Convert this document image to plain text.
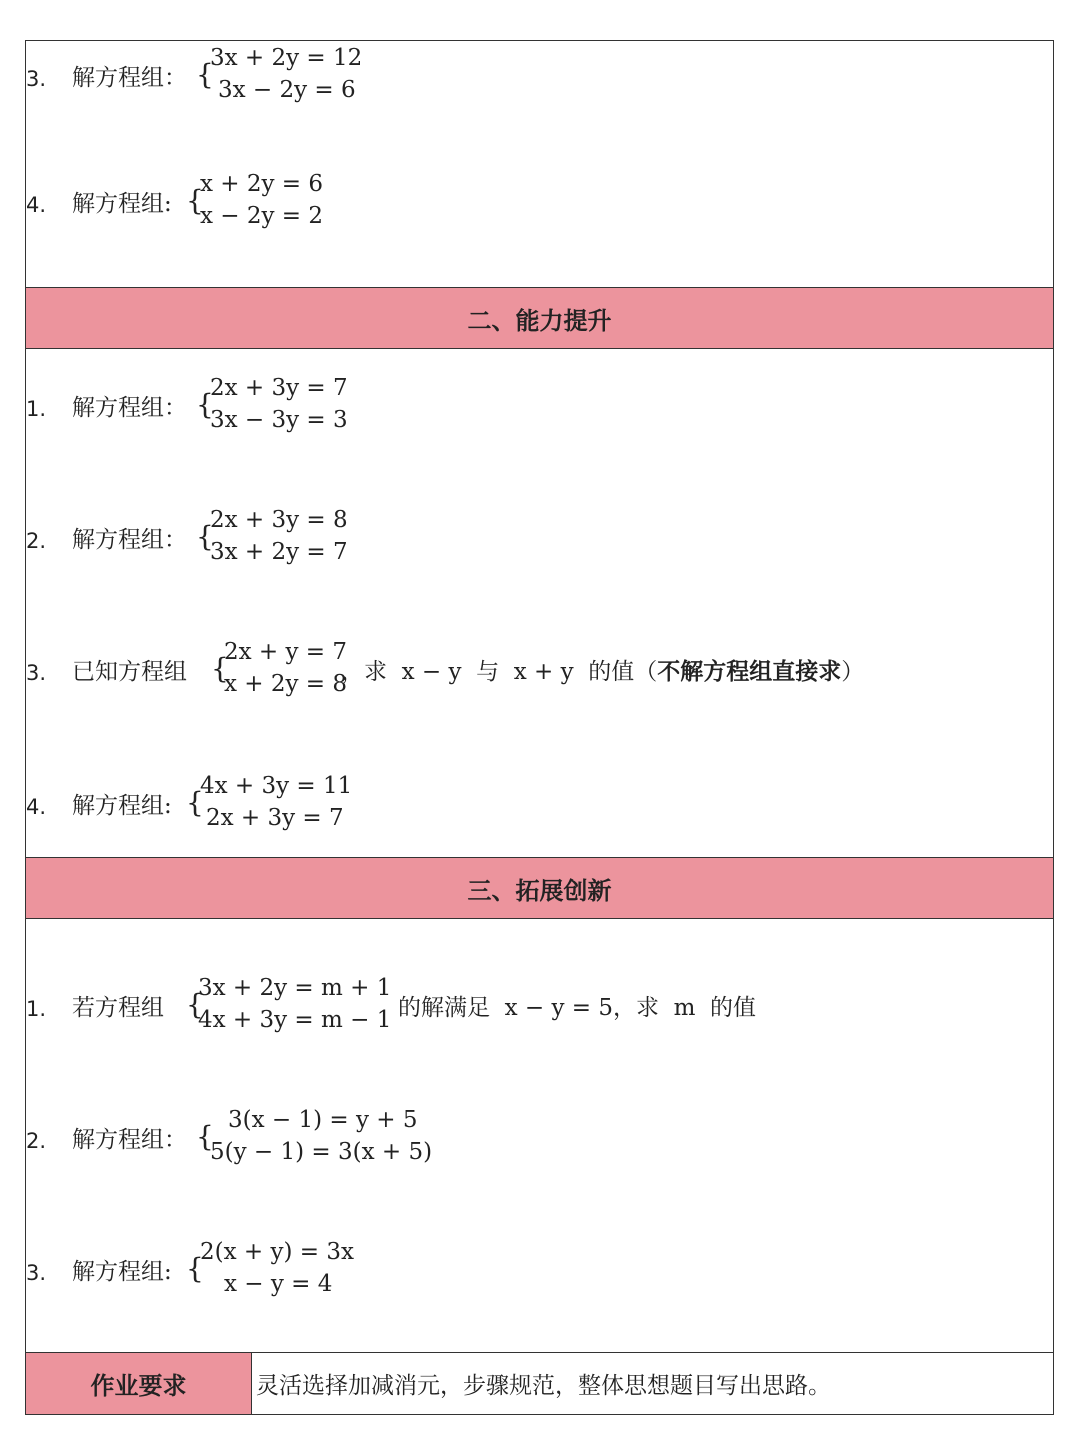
3. 解方程组： {
3x + 2y = 12
3x − 2y = 6
4. 解方程组: {
x + 2y = 6
x − 2y = 2
二、能力提升
1. 解方程组： {
2x + 3y = 7
3x − 3y = 3
2. 解方程组： {
2x + 3y = 8
3x + 2y = 7
3. 已知方程组 {
2x + y = 7
x + 2y = 8
，求  x − y  与  x + y  的值（不解方程组直接求）
4. 解方程组: {
4x + 3y = 11
2x + 3y = 7
三、拓展创新
1. 若方程组 {
3x + 2y = m + 1
4x + 3y = m − 1 的解满足  x − y = 5，求  m  的值
2. 解方程组： { 3(x − 1) = y + 5
5(y − 1) = 3(x + 5)
3. 解方程组: {
2(x + y) = 3x
x − y = 4
作业要求	灵活选择加减消元，步骤规范，整体思想题目写出思路。
